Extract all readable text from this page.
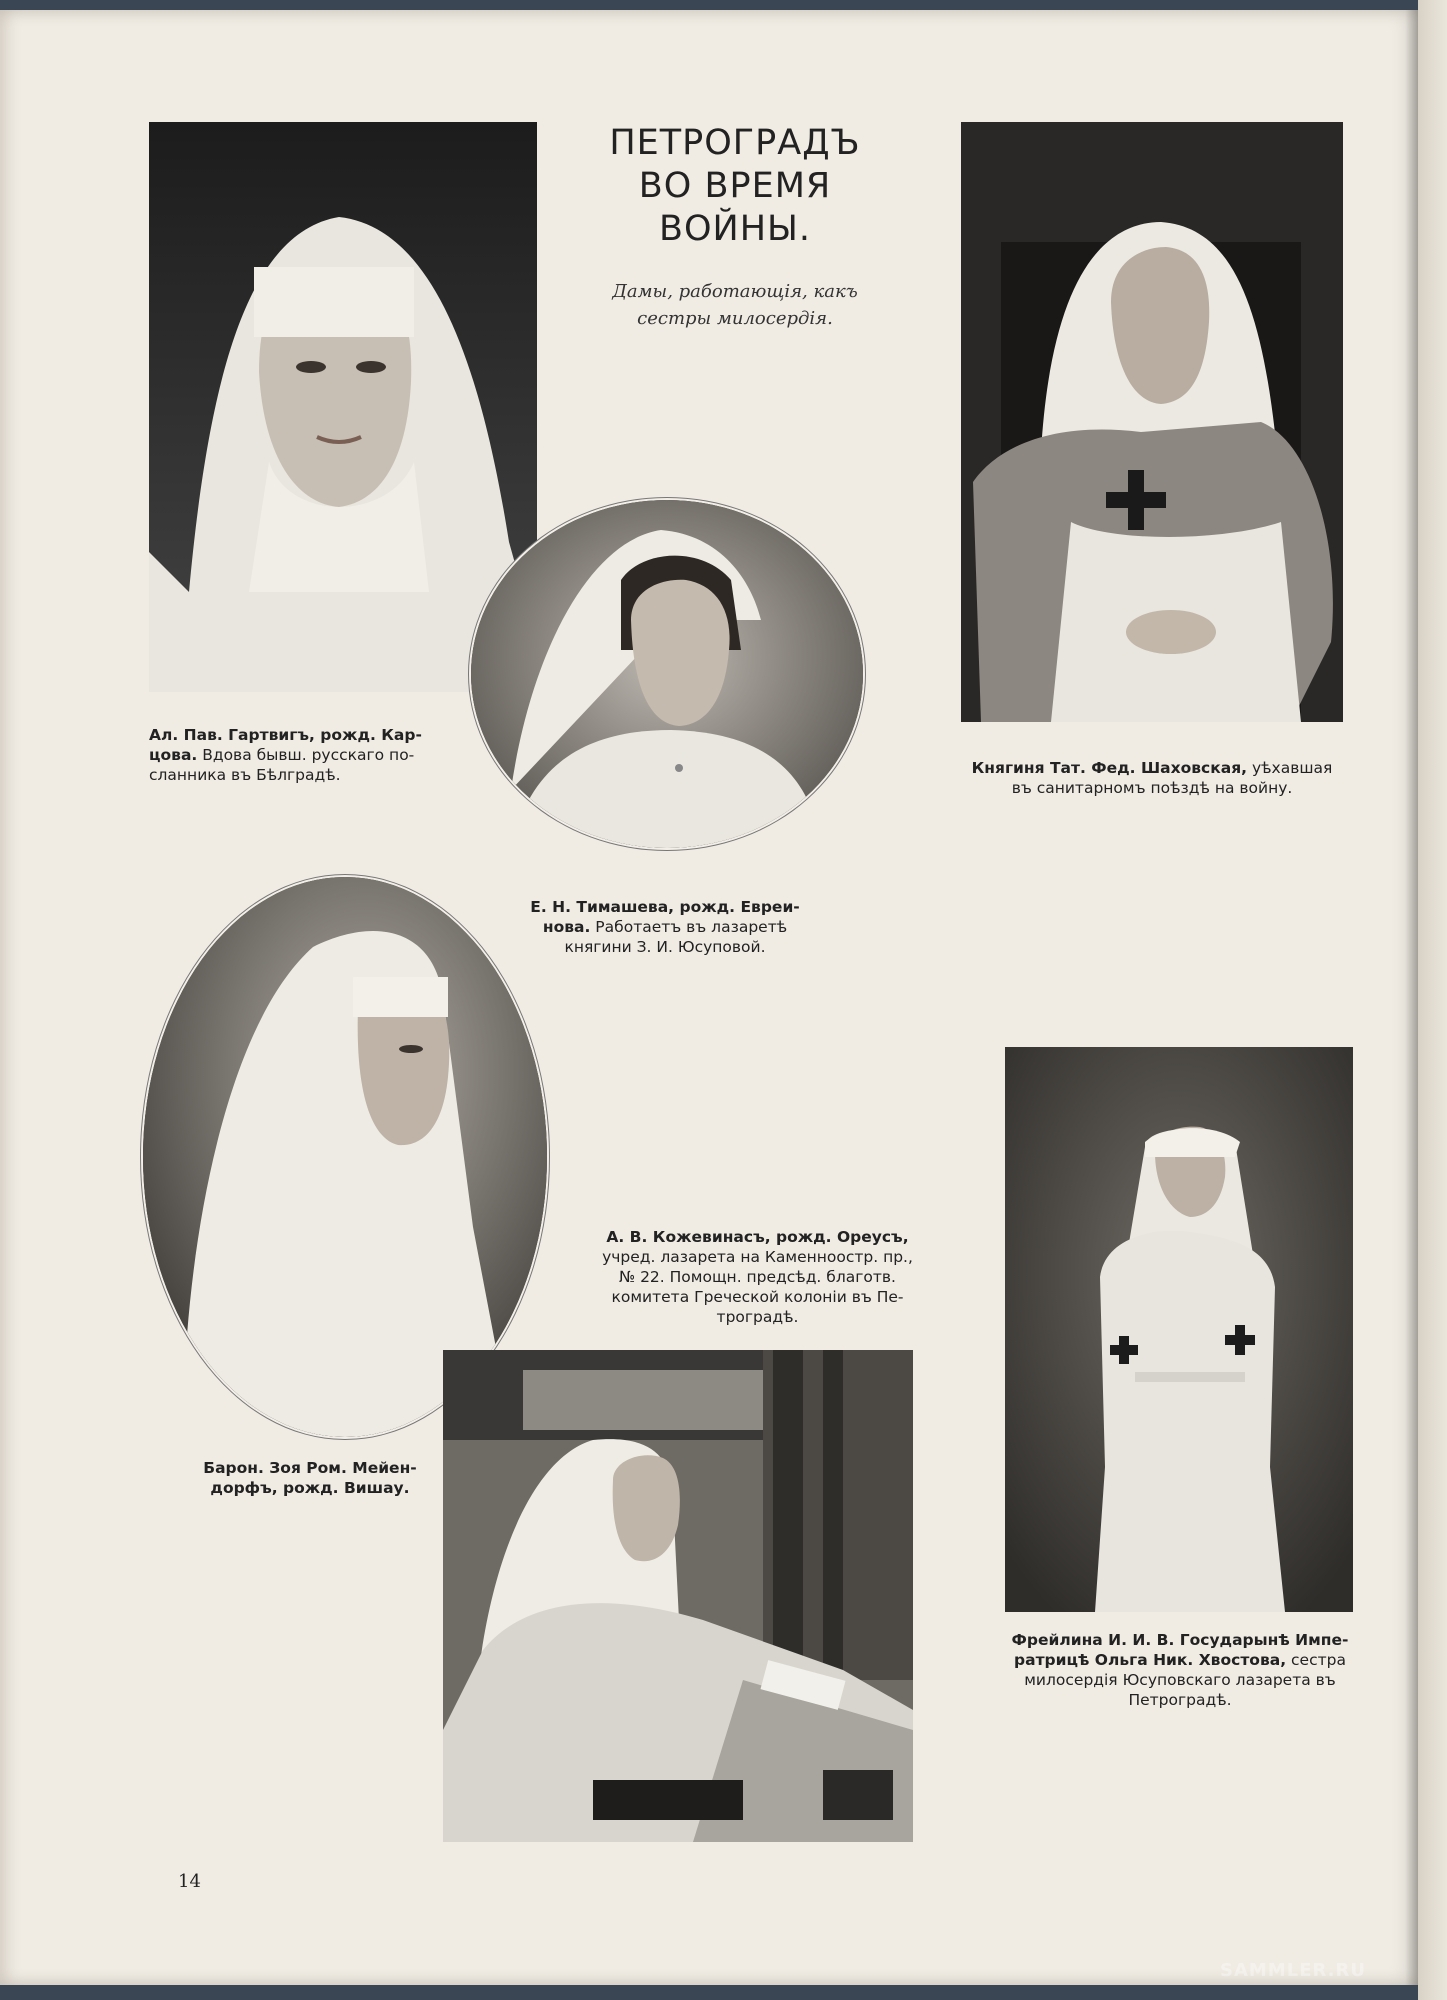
ПЕТРОГРАДЪ
ВО ВРЕМЯ
ВОЙНЫ.
Дамы, работающія, какъ
сестры милосердія.
Ал. Пав. Гартвигъ, рожд. Кар-
цова. Вдова бывш. русскаго по-
сланника въ Бѣлградѣ.	Княгиня Тат. Фед. Шаховская, уѣхавшая
въ санитарномъ поѣздѣ на войну.
Е. Н. Тимашева, рожд. Евреи-
нова. Работаетъ въ лазаретѣ
княгини З. И. Юсуповой.
А. В. Кожевинасъ, рожд. Ореусъ,
учред. лазарета на Каменноостр. пр.,
№ 22. Помощн. предсѣд. благотв.
комитета Греческой колоніи въ Пе-
троградѣ.
Барон. Зоя Ром. Мейен-
дорфъ, рожд. Вишау.
Фрейлина И. И. В. Государынѣ Импе-
ратрицѣ Ольга Ник. Хвостова, сестра
милосердія Юсуповскаго лазарета въ
Петроградѣ.
14
SAMMLER.RU
